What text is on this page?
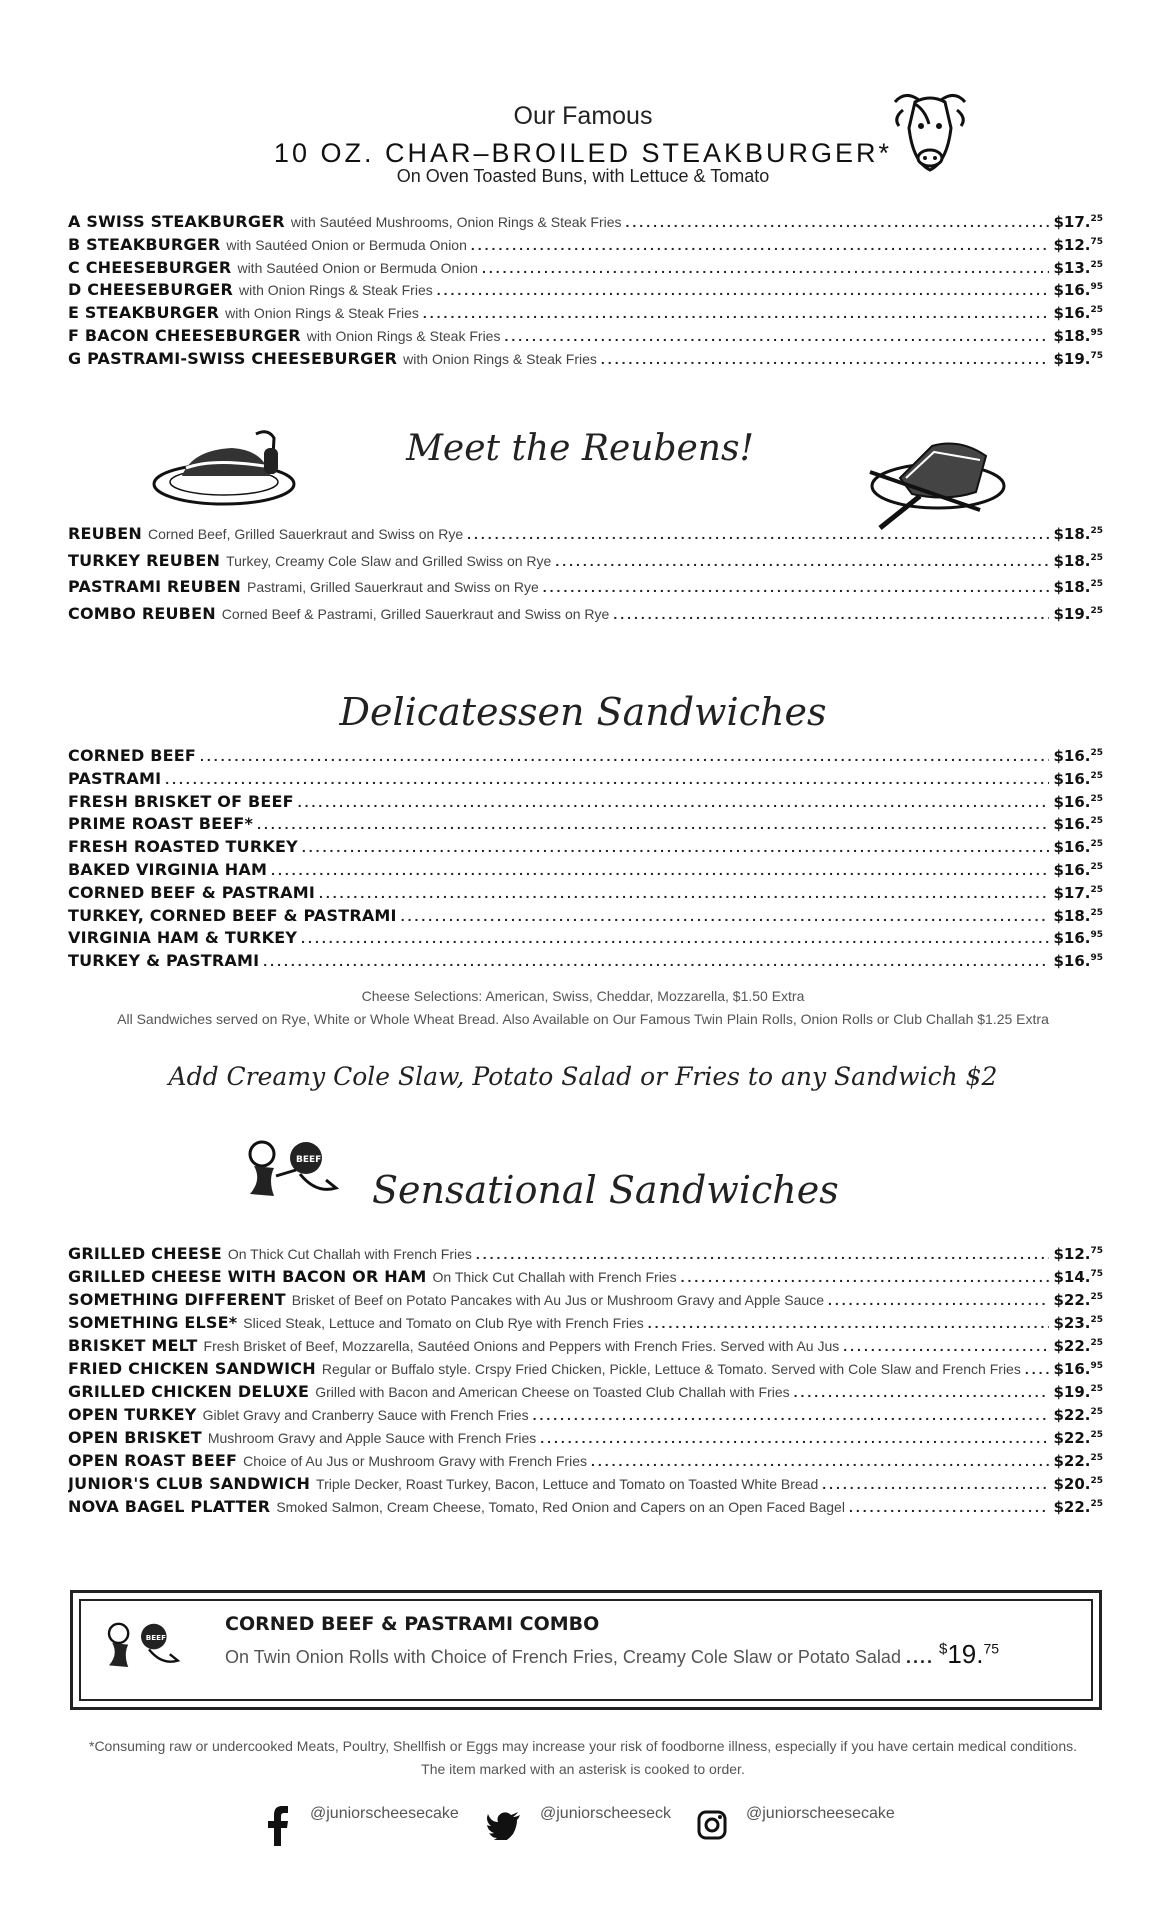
Our Famous
10 OZ. CHAR–BROILED STEAKBURGER*
On Oven Toasted Buns, with Lettuce & Tomato
A SWISS STEAKBURGER with Sautéed Mushrooms, Onion Rings & Steak Fries .....	$17.25
B STEAKBURGER with Sautéed Onion or Bermuda Onion .....	$12.75
C CHEESEBURGER with Sautéed Onion or Bermuda Onion .....	$13.25
D CHEESEBURGER with Onion Rings & Steak Fries .....	$16.95
E STEAKBURGER with Onion Rings & Steak Fries .....	$16.25
F BACON CHEESEBURGER with Onion Rings & Steak Fries .....	$18.95
G PASTRAMI-SWISS CHEESEBURGER with Onion Rings & Steak Fries .....	$19.75
Meet the Reubens!
REUBEN Corned Beef, Grilled Sauerkraut and Swiss on Rye .....	$18.25
TURKEY REUBEN Turkey, Creamy Cole Slaw and Grilled Swiss on Rye .....	$18.25
PASTRAMI REUBEN Pastrami, Grilled Sauerkraut and Swiss on Rye .....	$18.25
COMBO REUBEN Corned Beef & Pastrami, Grilled Sauerkraut and Swiss on Rye .....	$19.25
Delicatessen Sandwiches
CORNED BEEF .....	$16.25
PASTRAMI .....	$16.25
FRESH BRISKET OF BEEF .....	$16.25
PRIME ROAST BEEF* .....	$16.25
FRESH ROASTED TURKEY .....	$16.25
BAKED VIRGINIA HAM .....	$16.25
CORNED BEEF & PASTRAMI .....	$17.25
TURKEY, CORNED BEEF & PASTRAMI .....	$18.25
VIRGINIA HAM & TURKEY .....	$16.95
TURKEY & PASTRAMI .....	$16.95
Cheese Selections: American, Swiss, Cheddar, Mozzarella, $1.50 Extra
All Sandwiches served on Rye, White or Whole Wheat Bread. Also Available on Our Famous Twin Plain Rolls, Onion Rolls or Club Challah $1.25 Extra
Add Creamy Cole Slaw, Potato Salad or Fries to any Sandwich $2
BEEF
Sensational Sandwiches
GRILLED CHEESE On Thick Cut Challah with French Fries .....	$12.75
GRILLED CHEESE WITH BACON OR HAM On Thick Cut Challah with French Fries .....	$14.75
SOMETHING DIFFERENT Brisket of Beef on Potato Pancakes with Au Jus or Mushroom Gravy and Apple Sauce .....	$22.25
SOMETHING ELSE* Sliced Steak, Lettuce and Tomato on Club Rye with French Fries .....	$23.25
BRISKET MELT Fresh Brisket of Beef, Mozzarella, Sautéed Onions and Peppers with French Fries. Served with Au Jus .....	$22.25
FRIED CHICKEN SANDWICH Regular or Buffalo style. Crspy Fried Chicken, Pickle, Lettuce & Tomato. Served with Cole Slaw and French Fries ..... $16.95
GRILLED CHICKEN DELUXE Grilled with Bacon and American Cheese on Toasted Club Challah with Fries .....	$19.25
OPEN TURKEY Giblet Gravy and Cranberry Sauce with French Fries .....	$22.25
OPEN BRISKET Mushroom Gravy and Apple Sauce with French Fries .....	$22.25
OPEN ROAST BEEF Choice of Au Jus or Mushroom Gravy with French Fries .....	$22.25
JUNIOR'S CLUB SANDWICH Triple Decker, Roast Turkey, Bacon, Lettuce and Tomato on Toasted White Bread .....	$20.25
NOVA BAGEL PLATTER Smoked Salmon, Cream Cheese, Tomato, Red Onion and Capers on an Open Faced Bagel .....	$22.25
BEEF
CORNED BEEF & PASTRAMI COMBO
On Twin Onion Rolls with Choice of French Fries, Creamy Cole Slaw or Potato Salad .... $19.75
*Consuming raw or undercooked Meats, Poultry, Shellfish or Eggs may increase your risk of foodborne illness, especially if you have certain medical conditions.
The item marked with an asterisk is cooked to order.
@juniorscheesecake	@juniorscheeseck	@juniorscheesecake
